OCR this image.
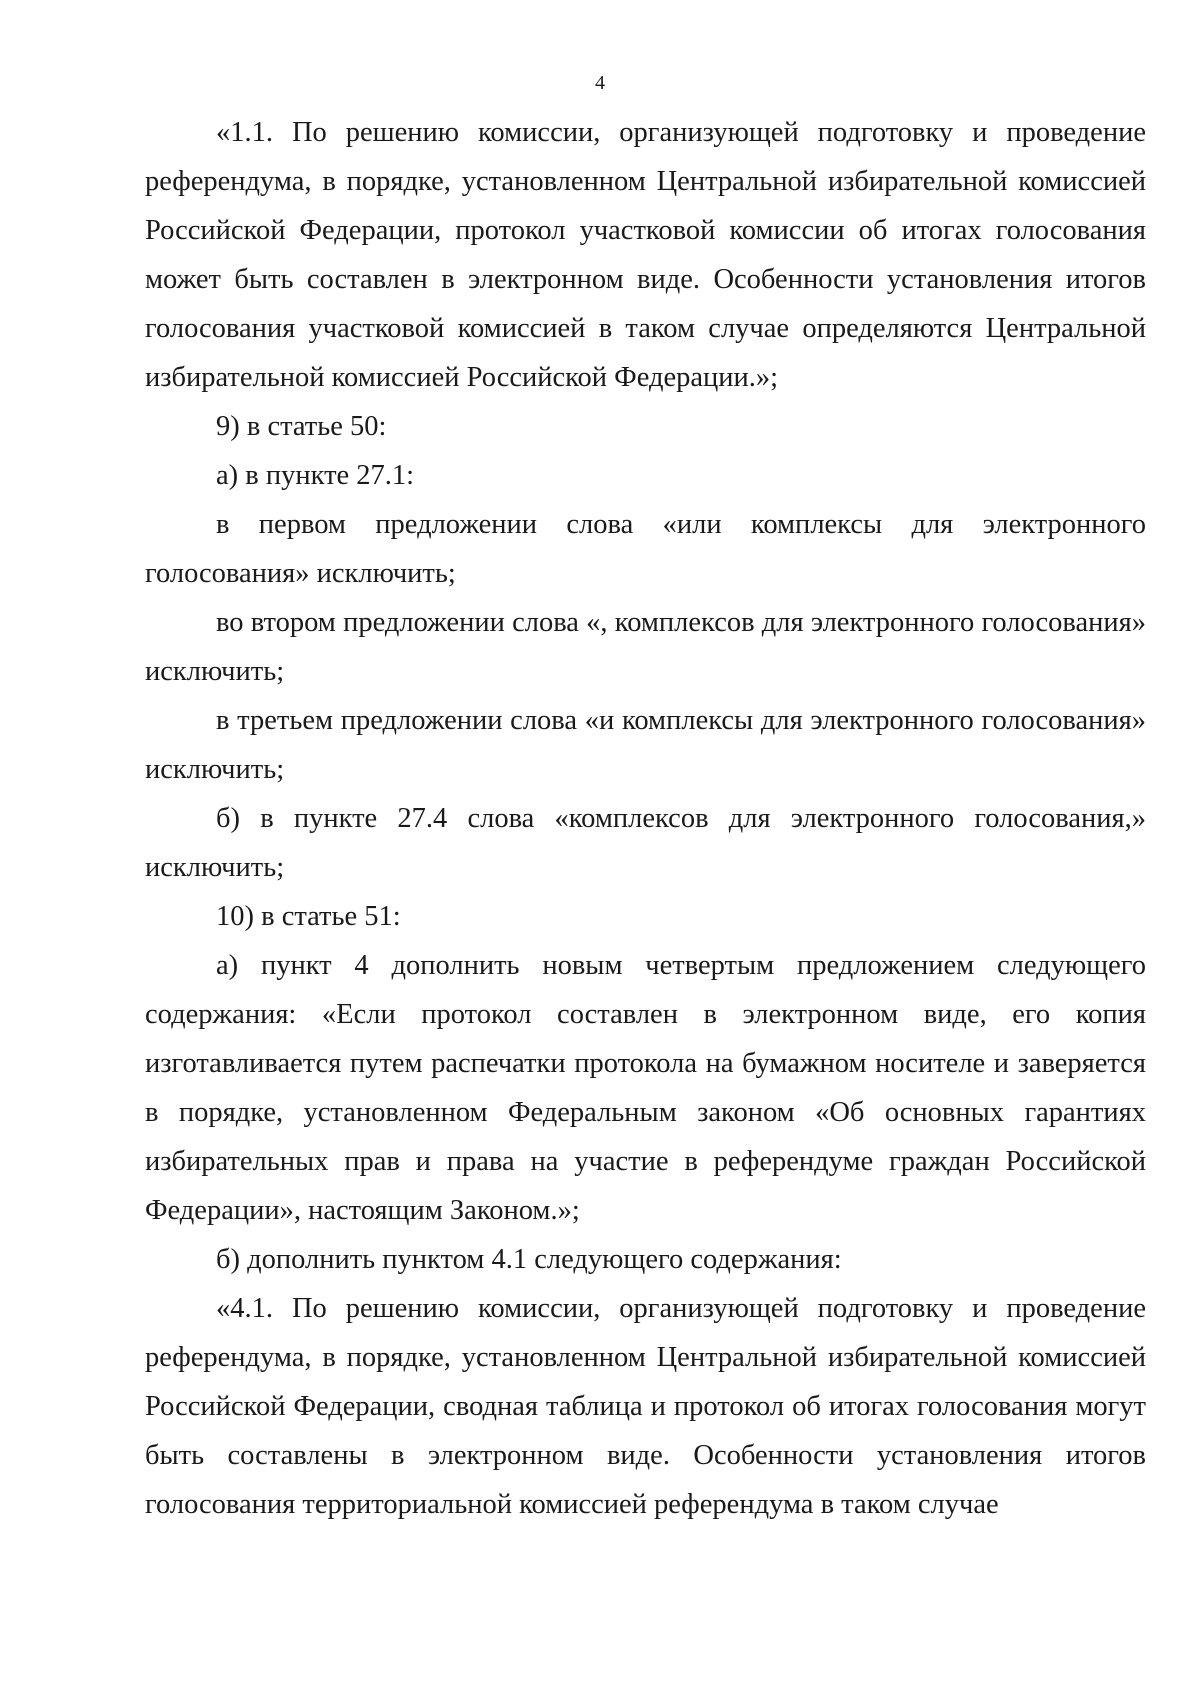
4

«1.1. По решению комиссии, организующей подготовку и проведение референдума, в порядке, установленном Центральной избирательной комиссией Российской Федерации, протокол участковой комиссии об итогах голосования может быть составлен в электронном виде. Особенности установления итогов голосования участковой комиссией в таком случае определяются Центральной избирательной комиссией Российской Федерации.»;

9) в статье 50:

а) в пункте 27.1:

в первом предложении слова «или комплексы для электронного голосования» исключить;

во втором предложении слова «, комплексов для электронного голосования» исключить;

в третьем предложении слова «и комплексы для электронного голосования» исключить;

б) в пункте 27.4 слова «комплексов для электронного голосования,» исключить;

10) в статье 51:

а) пункт 4 дополнить новым четвертым предложением следующего содержания: «Если протокол составлен в электронном виде, его копия изготавливается путем распечатки протокола на бумажном носителе и заверяется в порядке, установленном Федеральным законом «Об основных гарантиях избирательных прав и права на участие в референдуме граждан Российской Федерации», настоящим Законом.»;

б) дополнить пунктом 4.1 следующего содержания:

«4.1. По решению комиссии, организующей подготовку и проведение референдума, в порядке, установленном Центральной избирательной комиссией Российской Федерации, сводная таблица и протокол об итогах голосования могут быть составлены в электронном виде. Особенности установления итогов голосования территориальной комиссией референдума в таком случае
